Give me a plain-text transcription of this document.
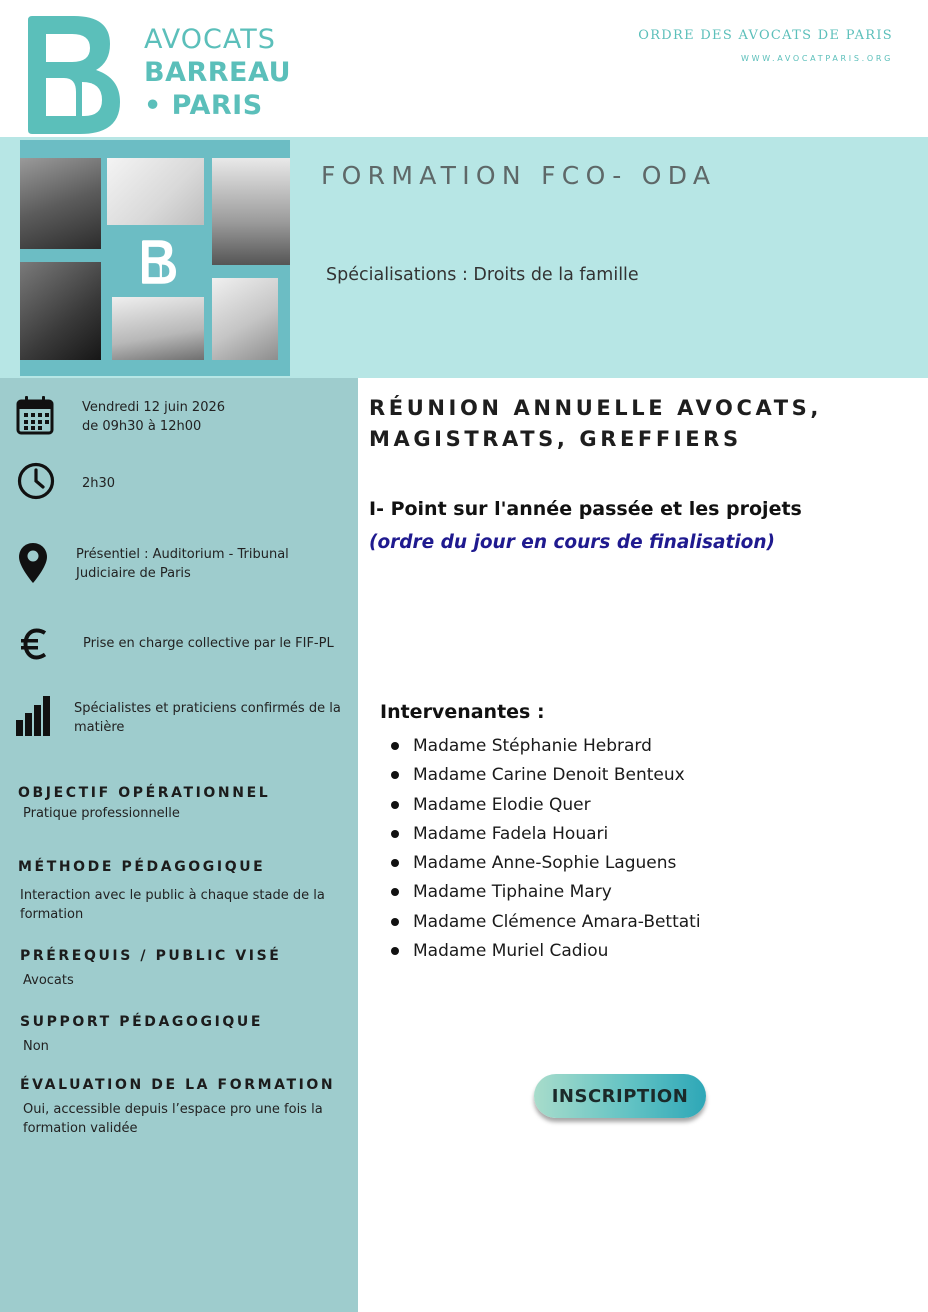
AVOCATS
BARREAU
• PARIS
ORDRE DES AVOCATS DE PARIS
WWW.AVOCATPARIS.ORG
FORMATION FCO- ODA
Spécialisations : Droits de la famille
Vendredi 12 juin 2026
de 09h30 à 12h00
2h30
Présentiel : Auditorium - Tribunal
Judiciaire de Paris
Prise en charge collective par le FIF-PL
Spécialistes et praticiens confirmés de la
matière
OBJECTIF OPÉRATIONNEL
Pratique professionnelle
MÉTHODE PÉDAGOGIQUE
Interaction avec le public à chaque stade de la
formation
PRÉREQUIS / PUBLIC VISÉ
Avocats
SUPPORT PÉDAGOGIQUE
Non
ÉVALUATION DE LA FORMATION
Oui, accessible depuis l’espace pro une fois la
formation validée
RÉUNION ANNUELLE AVOCATS,
MAGISTRATS, GREFFIERS
I- Point sur l'année passée et les projets
(ordre du jour en cours de finalisation)
Intervenantes :
Madame Stéphanie Hebrard
Madame Carine Denoit Benteux
Madame Elodie Quer
Madame Fadela Houari
Madame Anne-Sophie Laguens
Madame Tiphaine Mary
Madame Clémence Amara-Bettati
Madame Muriel Cadiou
INSCRIPTION
